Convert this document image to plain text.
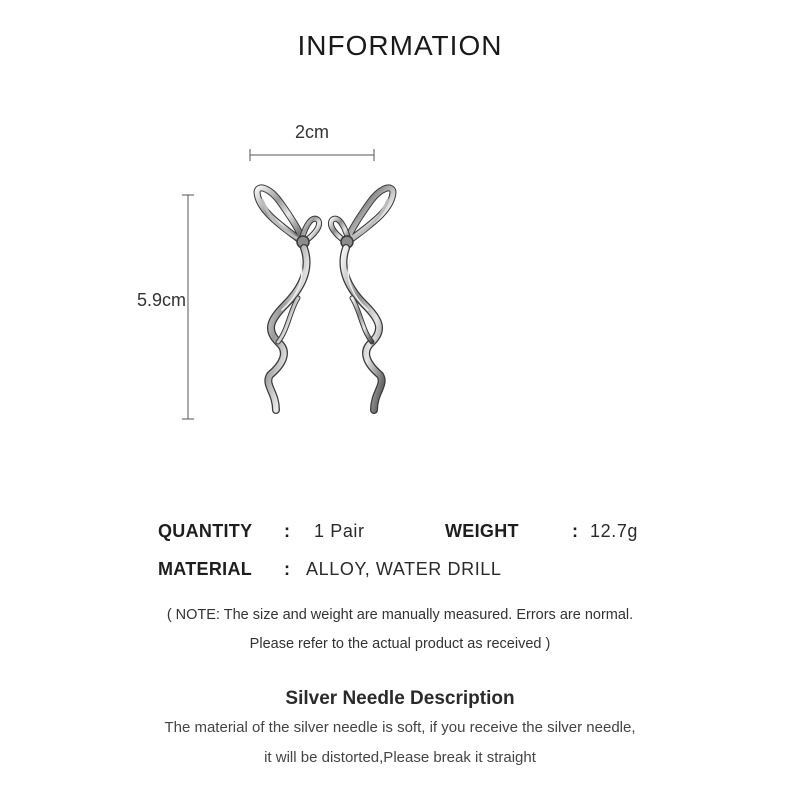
INFORMATION
2cm
5.9cm
QUANTITY : 1 Pair	WEIGHT	: 12.7g
MATERIAL : ALLOY, WATER DRILL
( NOTE: The size and weight are manually measured. Errors are normal.
Please refer to the actual product as received )
Silver Needle Description
The material of the silver needle is soft, if you receive the silver needle,
it will be distorted,Please break it straight
